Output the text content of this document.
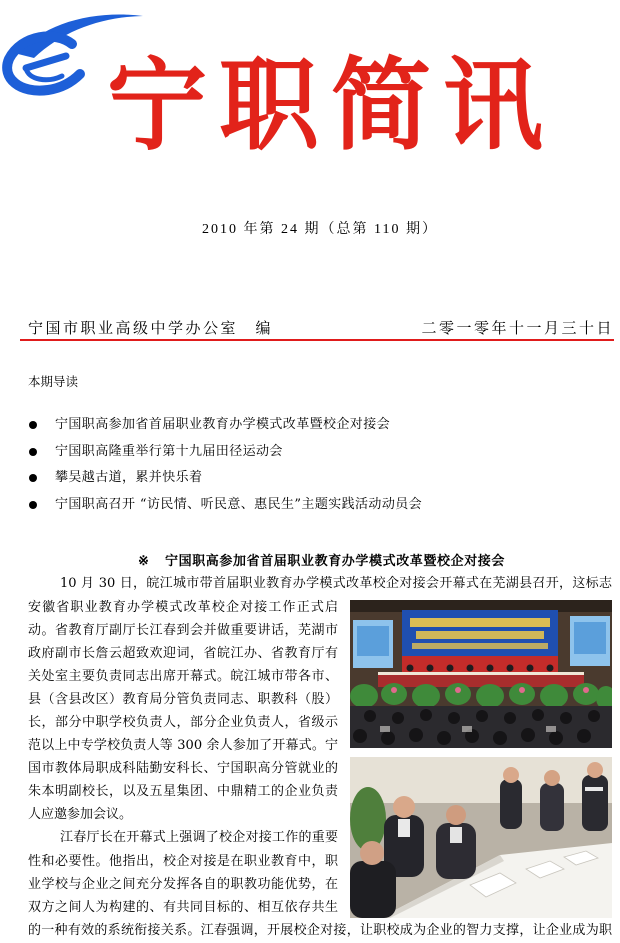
宁职简讯
2010 年第 24 期（总第 110 期）
宁国市职业高级中学办公室　编	二零一零年十一月三十日
本期导读
宁国职高参加省首届职业教育办学模式改革暨校企对接会
宁国职高隆重举行第十九届田径运动会
攀吴越古道，累并快乐着
宁国职高召开 “访民情、听民意、惠民生”主题实践活动动员会
※ 宁国职高参加省首届职业教育办学模式改革暨校企对接会
10 月 30 日，皖江城市带首届职业教育办学模式改革校企对接会开幕式在芜湖县召开，这标志
安徽省职业教育办学模式改革校企对接工作正式启
动。省教育厅副厅长江春到会并做重要讲话，芜湖市
政府副市长詹云超致欢迎词，省皖江办、省教育厅有
关处室主要负责同志出席开幕式。皖江城市带各市、
县（含县改区）教育局分管负责同志、职教科（股）
长，部分中职学校负责人，部分企业负责人，省级示
范以上中专学校负责人等 300 余人参加了开幕式。宁
国市教体局职成科陆勤安科长、宁国职高分管就业的
朱本明副校长，以及五星集团、中鼎精工的企业负责
人应邀参加会议。
江春厅长在开幕式上强调了校企对接工作的重要
性和必要性。他指出，校企对接是在职业教育中，职
业学校与企业之间充分发挥各自的职教功能优势，在
双方之间人为构建的、有共同目标的、相互依存共生
的一种有效的系统衔接关系。江春强调，开展校企对接，让职校成为企业的智力支撑，让企业成为职
